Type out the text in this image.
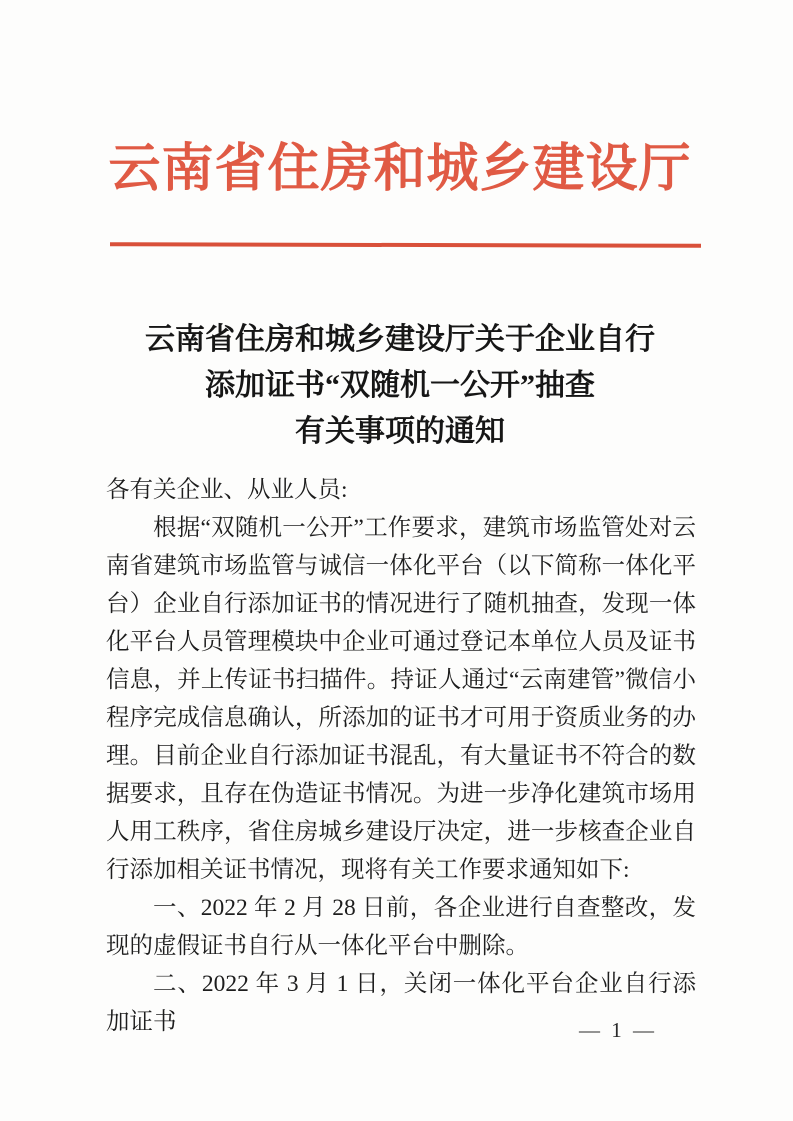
云南省住房和城乡建设厅
云南省住房和城乡建设厅关于企业自行
添加证书“双随机一公开”抽查
有关事项的通知

各有关企业、从业人员:

根据“双随机一公开”工作要求，建筑市场监管处对云南省建筑市场监管与诚信一体化平台（以下简称一体化平台）企业自行添加证书的情况进行了随机抽查，发现一体化平台人员管理模块中企业可通过登记本单位人员及证书信息，并上传证书扫描件。持证人通过“云南建管”微信小程序完成信息确认，所添加的证书才可用于资质业务的办理。目前企业自行添加证书混乱，有大量证书不符合的数据要求，且存在伪造证书情况。为进一步净化建筑市场用人用工秩序，省住房城乡建设厅决定，进一步核查企业自行添加相关证书情况，现将有关工作要求通知如下:

一、2022 年 2 月 28 日前，各企业进行自查整改，发现的虚假证书自行从一体化平台中删除。

二、2022 年 3 月 1 日，关闭一体化平台企业自行添加证书	— 1 —
